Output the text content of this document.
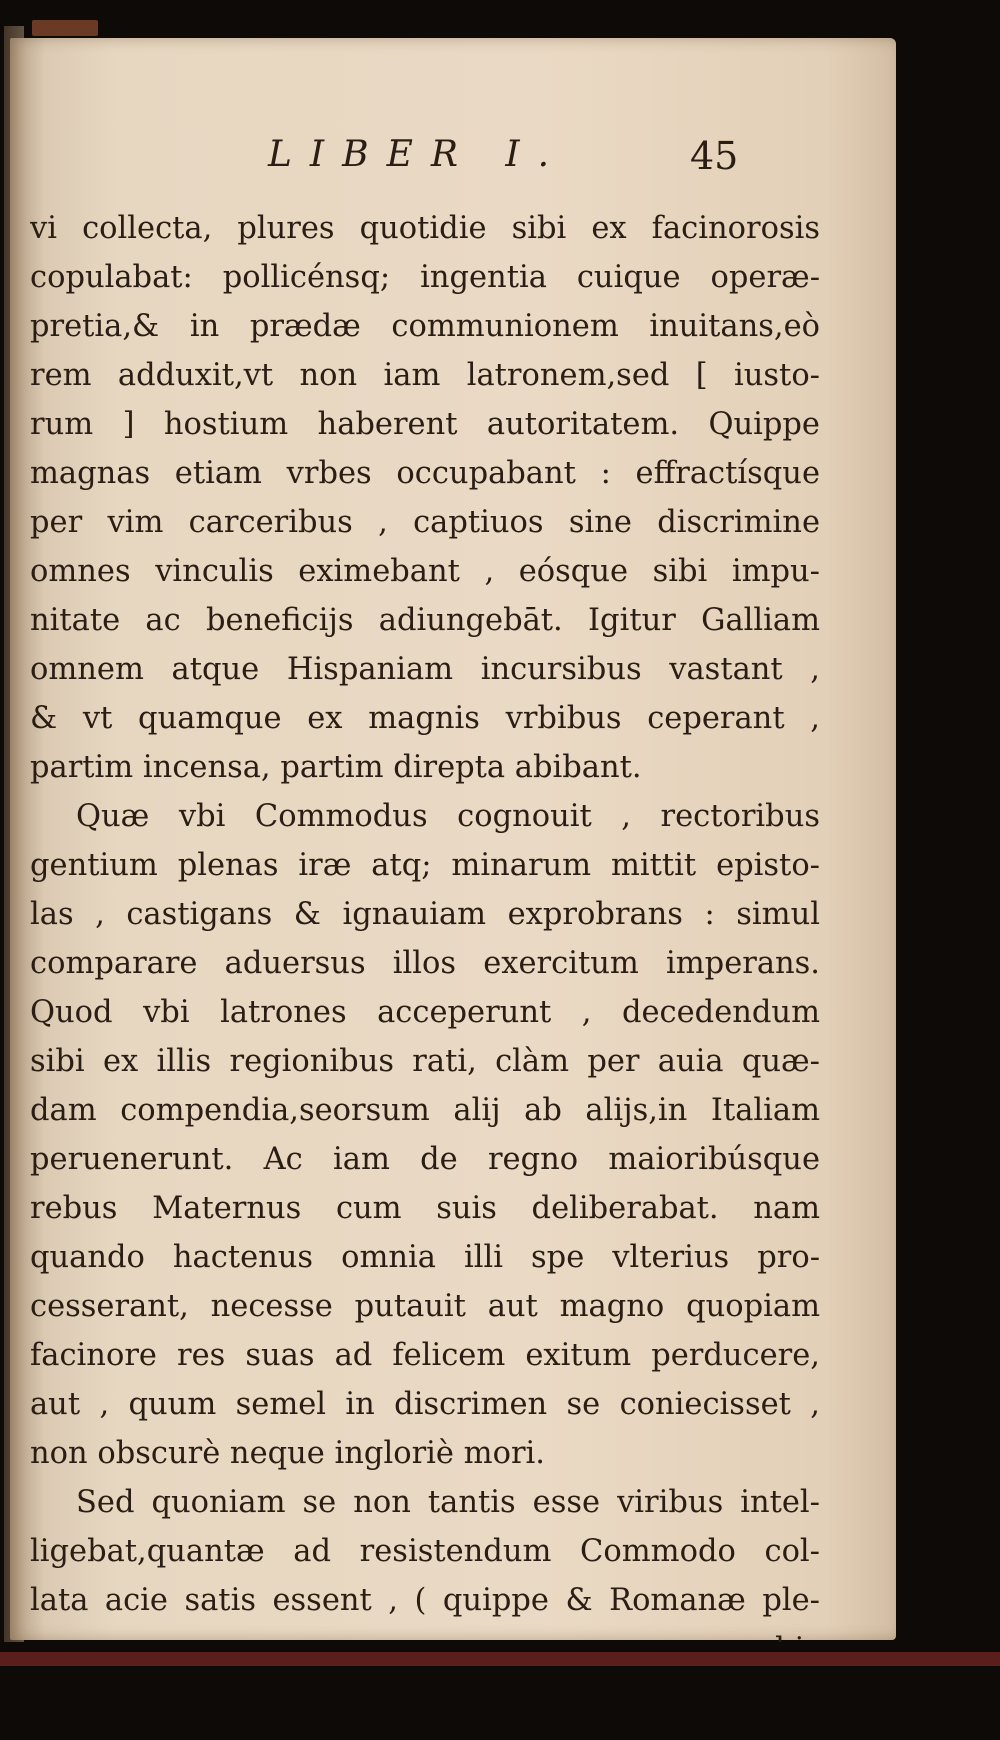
LIBER I.	45
vi collecta, plures quotidie sibi ex facinorosis
copulabat: pollicénsq; ingentia cuique operæ-
pretia,& in prædæ communionem inuitans,eò
rem adduxit,vt non iam latronem,sed [ iusto-
rum ] hostium haberent autoritatem. Quippe
magnas etiam vrbes occupabant : effractísque
per vim carceribus , captiuos sine discrimine
omnes vinculis eximebant , eósque sibi impu-
nitate ac beneficijs adiungebāt. Igitur Galliam
omnem atque Hispaniam incursibus vastant ,
& vt quamque ex magnis vrbibus ceperant ,
partim incensa, partim direpta abibant.
Quæ vbi Commodus cognouit , rectoribus
gentium plenas iræ atq; minarum mittit episto-
las , castigans & ignauiam exprobrans : simul
comparare aduersus illos exercitum imperans.
Quod vbi latrones acceperunt , decedendum
sibi ex illis regionibus rati, clàm per auia quæ-
dam compendia,seorsum alij ab alijs,in Italiam
peruenerunt. Ac iam de regno maioribúsque
rebus Maternus cum suis deliberabat. nam
quando hactenus omnia illi spe vlterius pro-
cesserant, necesse putauit aut magno quopiam
facinore res suas ad felicem exitum perducere,
aut , quum semel in discrimen se coniecisset ,
non obscurè neque ingloriè mori.
Sed quoniam se non tantis esse viribus intel-
ligebat,quantæ ad resistendum Commodo col-
lata acie satis essent , ( quippe & Romanæ ple-
